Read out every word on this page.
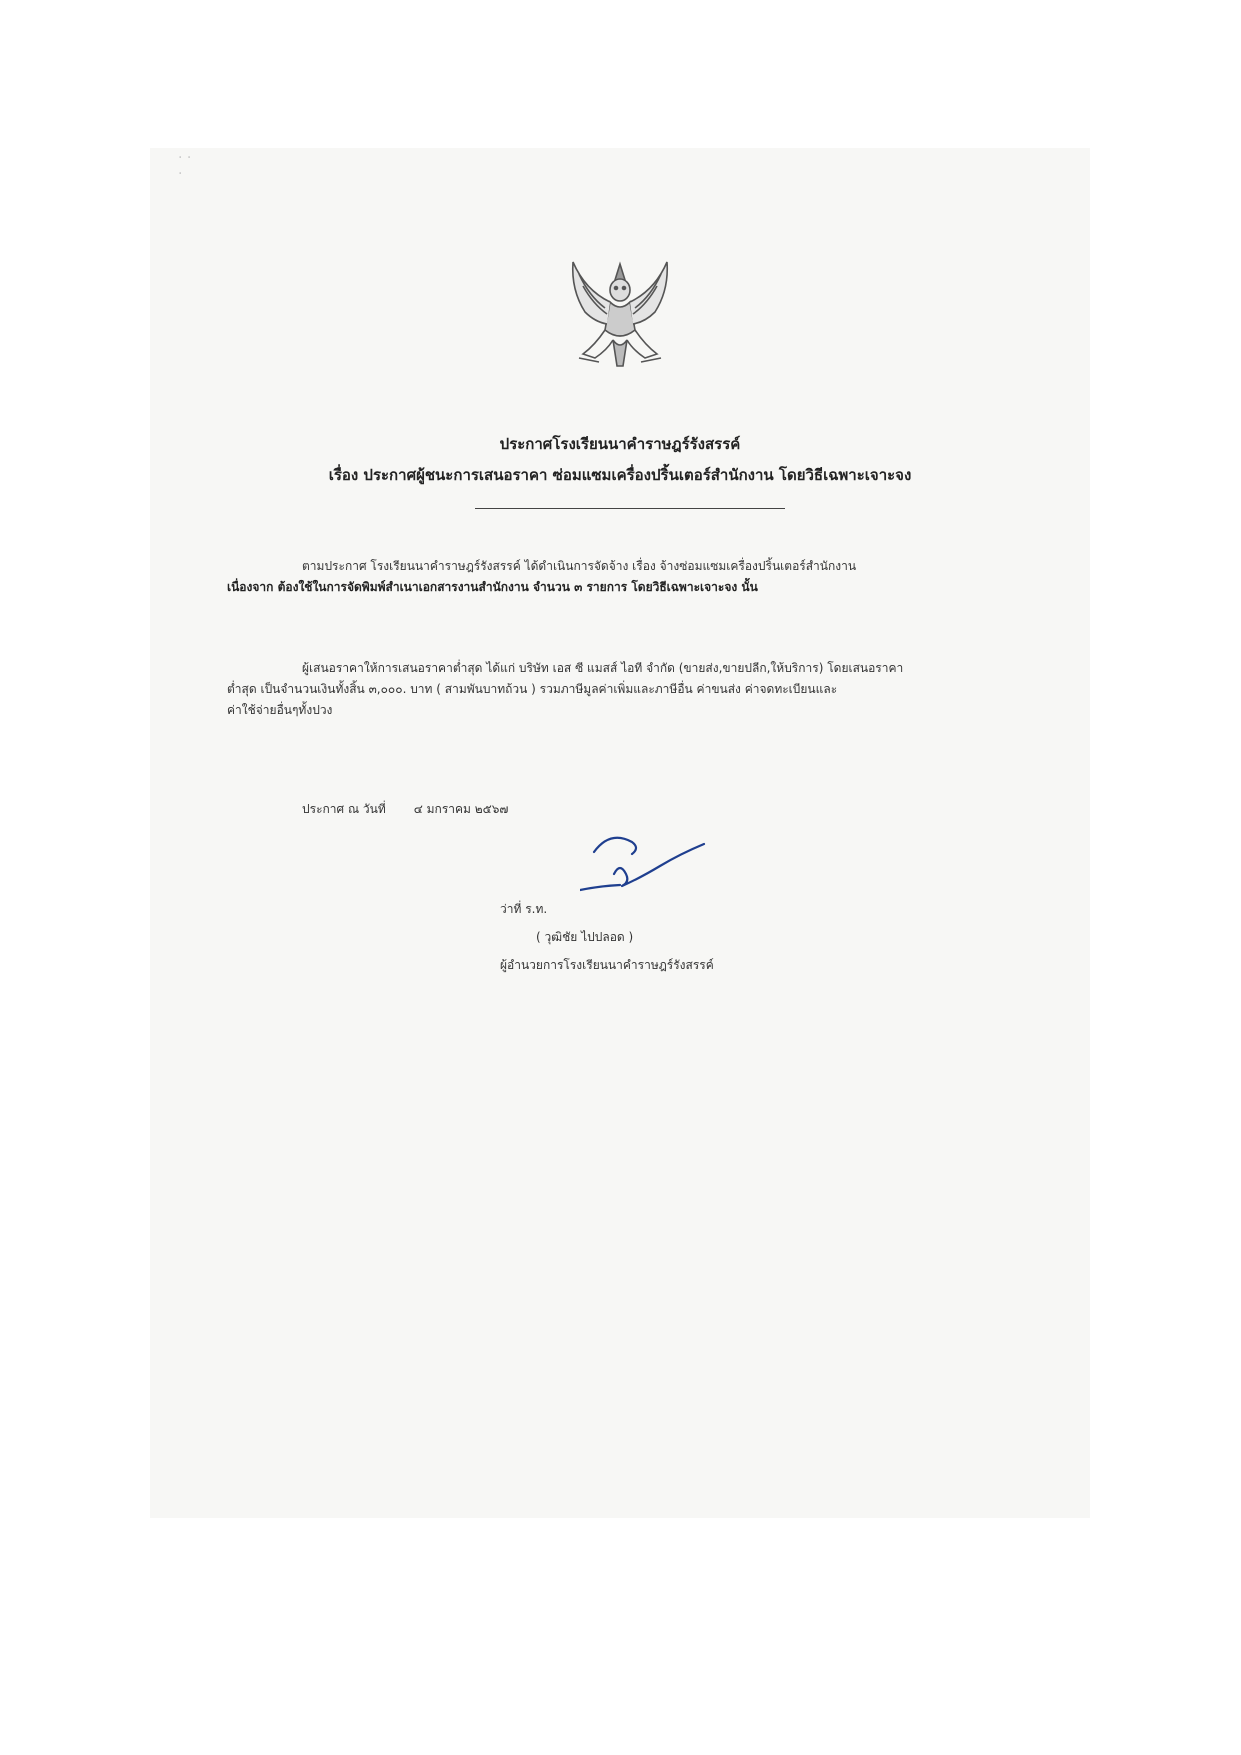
· ·
·
ประกาศโรงเรียนนาคำราษฎร์รังสรรค์
เรื่อง ประกาศผู้ชนะการเสนอราคา ซ่อมแซมเครื่องปริ้นเตอร์สำนักงาน โดยวิธีเฉพาะเจาะจง
ตามประกาศ โรงเรียนนาคำราษฎร์รังสรรค์ ได้ดำเนินการจัดจ้าง เรื่อง จ้างซ่อมแซมเครื่องปริ้นเตอร์สำนักงาน
เนื่องจาก ต้องใช้ในการจัดพิมพ์สำเนาเอกสารงานสำนักงาน จำนวน ๓ รายการ โดยวิธีเฉพาะเจาะจง นั้น
ผู้เสนอราคาให้การเสนอราคาต่ำสุด ได้แก่ บริษัท เอส ซี แมสส์ ไอที จำกัด (ขายส่ง,ขายปลีก,ให้บริการ) โดยเสนอราคา
ต่ำสุด เป็นจำนวนเงินทั้งสิ้น ๓,๐๐๐. บาท ( สามพันบาทถ้วน ) รวมภาษีมูลค่าเพิ่มและภาษีอื่น ค่าขนส่ง ค่าจดทะเบียนและ
ค่าใช้จ่ายอื่นๆทั้งปวง
ประกาศ ณ วันที่ ๔ มกราคม ๒๕๖๗
ว่าที่ ร.ท.
( วุฒิชัย ไปปลอด )
ผู้อำนวยการโรงเรียนนาคำราษฎร์รังสรรค์
